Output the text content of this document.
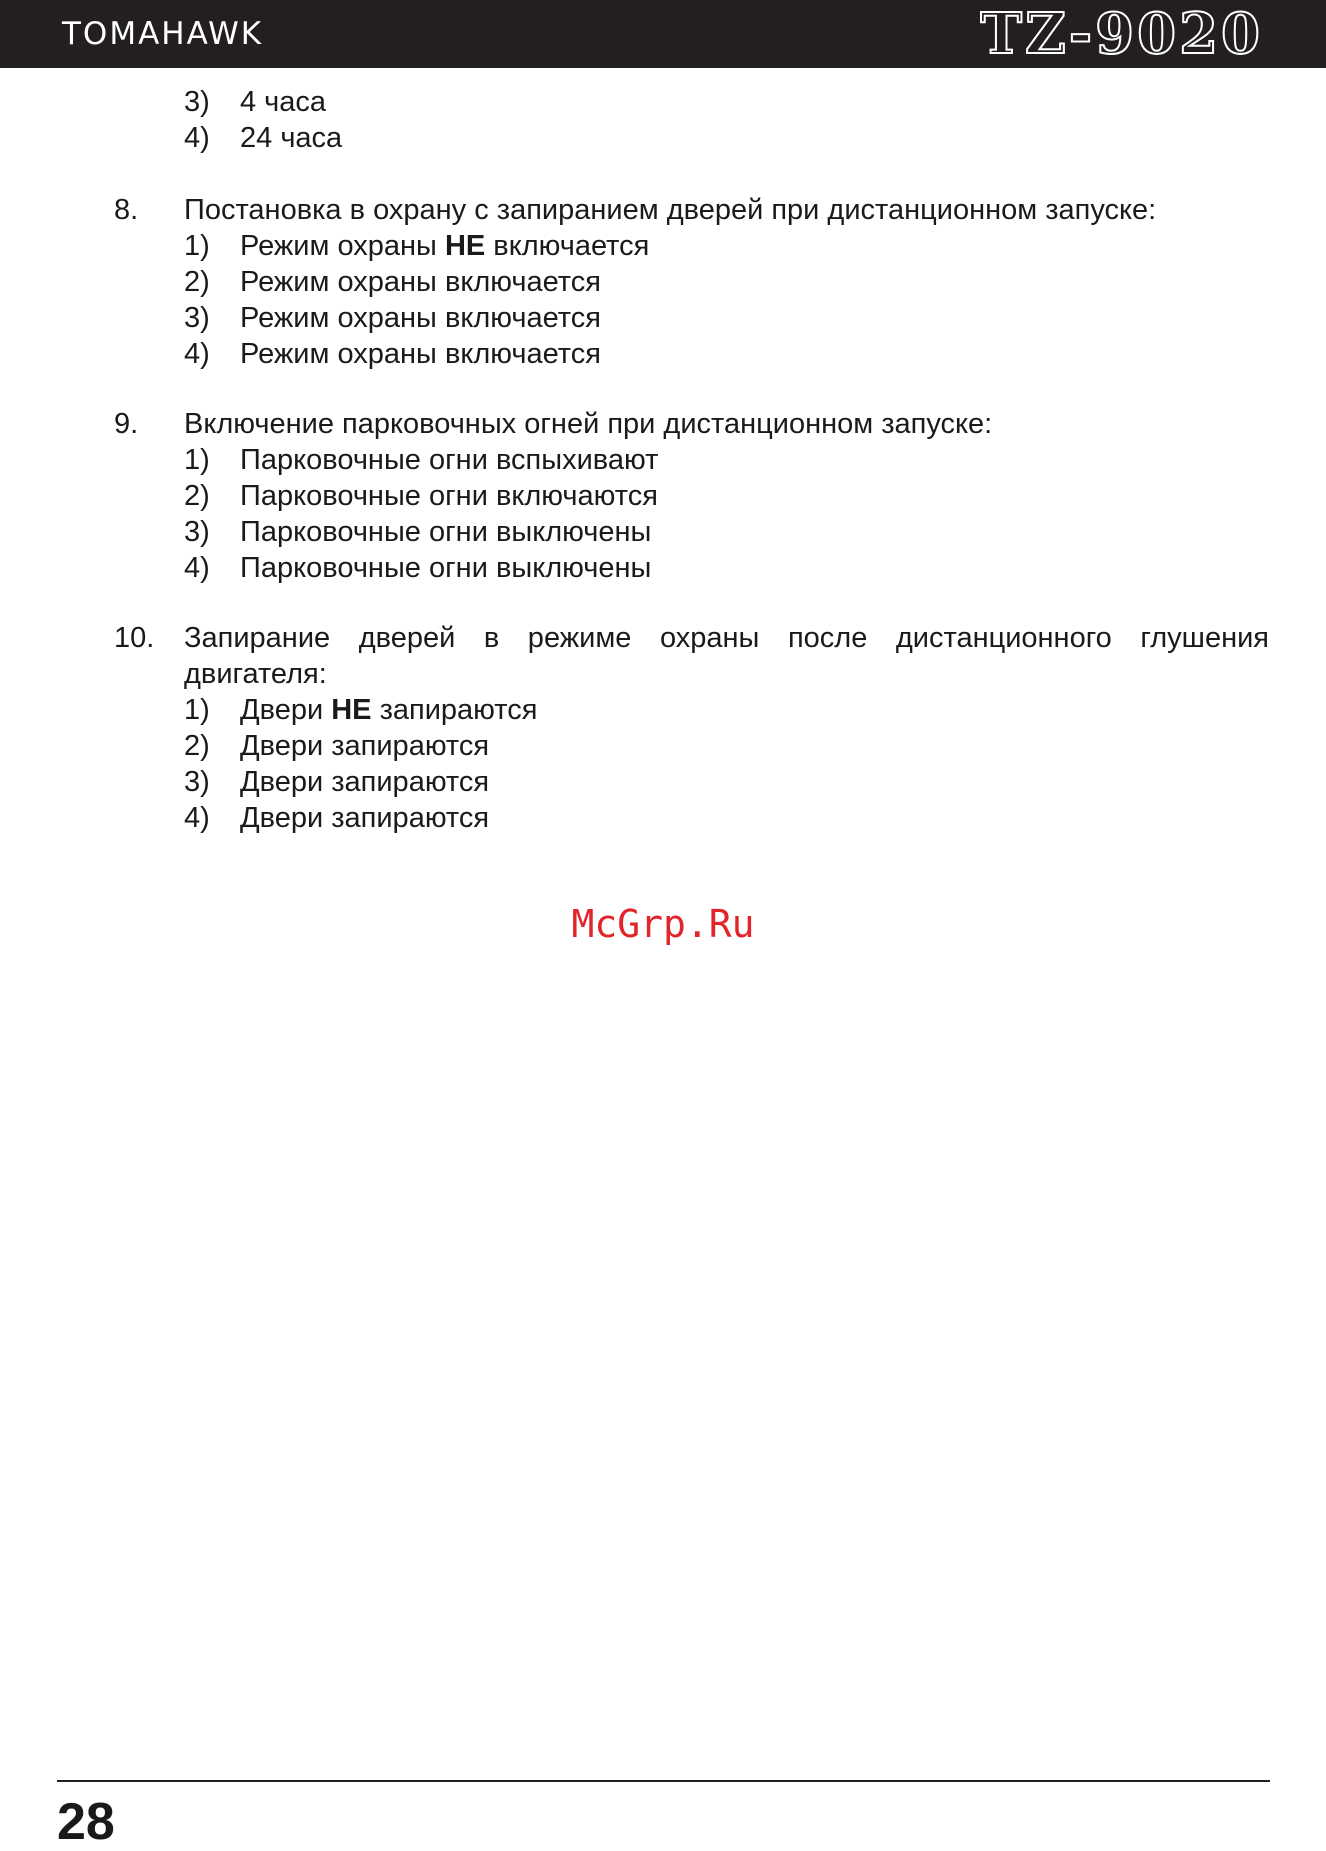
TOMAHAWK	TZ-9020
3) 4 часа
4) 24 часа
8. Постановка в охрану с запиранием дверей при дистанционном запуске:
1) Режим охраны НЕ включается
2) Режим охраны включается
3) Режим охраны включается
4) Режим охраны включается
9. Включение парковочных огней при дистанционном запуске:
1) Парковочные огни вспыхивают
2) Парковочные огни включаются
3) Парковочные огни выключены
4) Парковочные огни выключены
10. Запирание дверей в режиме охраны после дистанционного глушения
двигателя:
1) Двери НЕ запираются
2) Двери запираются
3) Двери запираются
4) Двери запираются
McGrp.Ru
28
